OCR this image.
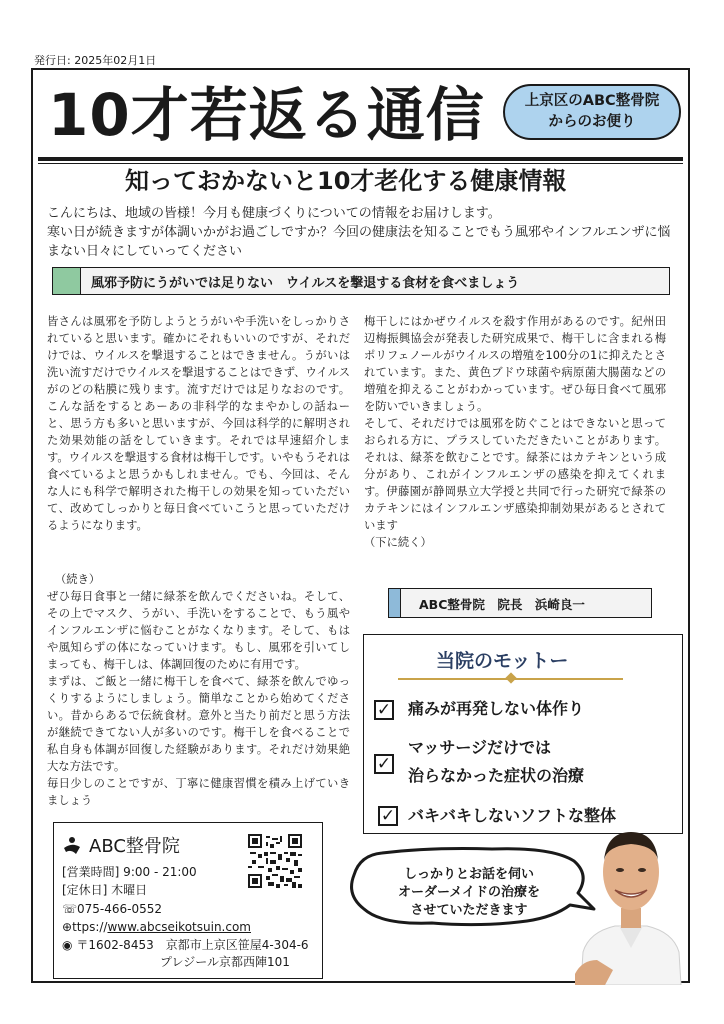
発行日: 2025年02月1日
10才若返る通信	上京区のABC整骨院
からのお便り
知っておかないと10才老化する健康情報
こんにちは、地域の皆様！今月も健康づくりについての情報をお届けします。
寒い日が続きますが体調いかがお過ごしですか？今回の健康法を知ることでもう風邪やインフルエンザに悩まない日々にしていってください
風邪予防にうがいでは足りない　ウイルスを撃退する食材を食べましょう

皆さんは風邪を予防しようとうがいや手洗いをしっかりされていると思います。確かにそれもいいのですが、それだけでは、ウイルスを撃退することはできません。うがいは洗い流すだけでウイルスを撃退することはできず、ウイルスがのどの粘膜に残ります。流すだけでは足りなおのです。こんな話をするとあーあの非科学的なまやかしの話ねーと、思う方も多いと思いますが、今回は科学的に解明された効果効能の話をしていきます。それでは早速紹介します。ウイルスを撃退する食材は梅干しです。いやもうそれは食べているよと思うかもしれません。でも、今回は、そんな人にも科学で解明された梅干しの効果を知っていただいて、改めてしっかりと毎日食べていこうと思っていただけるようになります。

梅干しにはかぜウイルスを殺す作用があるのです。紀州田辺梅振興協会が発表した研究成果で、梅干しに含まれる梅ポリフェノールがウイルスの増殖を100分の1に抑えたとされています。また、黄色ブドウ球菌や病原菌大腸菌などの増殖を抑えることがわかっています。ぜひ毎日食べて風邪を防いでいきましょう。

そして、それだけでは風邪を防ぐことはできないと思っておられる方に、プラスしていただきたいことがあります。それは、緑茶を飲むことです。緑茶にはカテキンという成分があり、これがインフルエンザの感染を抑えてくれます。伊藤園が静岡県立大学授と共同で行った研究で緑茶のカテキンにはインフルエンザ感染抑制効果があるとされています

（下に続く）

（続き）

ぜひ毎日食事と一緒に緑茶を飲んでくださいね。そして、その上でマスク、うがい、手洗いをすることで、もう風やインフルエンザに悩むことがなくなります。そして、もはや風知らずの体になっていけます。もし、風邪を引いてしまっても、梅干しは、体調回復のために有用です。

まずは、ご飯と一緒に梅干しを食べて、緑茶を飲んでゆっくりするようにしましょう。簡単なことから始めてください。昔からあるで伝統食材。意外と当たり前だと思う方法が継続できてない人が多いのです。梅干しを食べることで私自身も体調が回復した経験があります。それだけ効果絶大な方法です。

毎日少しのことですが、丁寧に健康習慣を積み上げていきましょう

ABC整骨院　院長　浜崎良一
当院のモットー
✓ 痛みが再発しない体作り
✓
マッサージだけでは
治らなかった症状の治療
✓ バキバキしないソフトな整体
ABC整骨院
[営業時間] 9:00 - 21:00
[定休日] 木曜日
☏075-466-0552
⊕ttps://www.abcseikotsuin.com
◉ 〒1602-8453　京都市上京区笹屋4-304-6
プレジール京都西陣101
しっかりとお話を伺い
オーダーメイドの治療を
させていただきます
